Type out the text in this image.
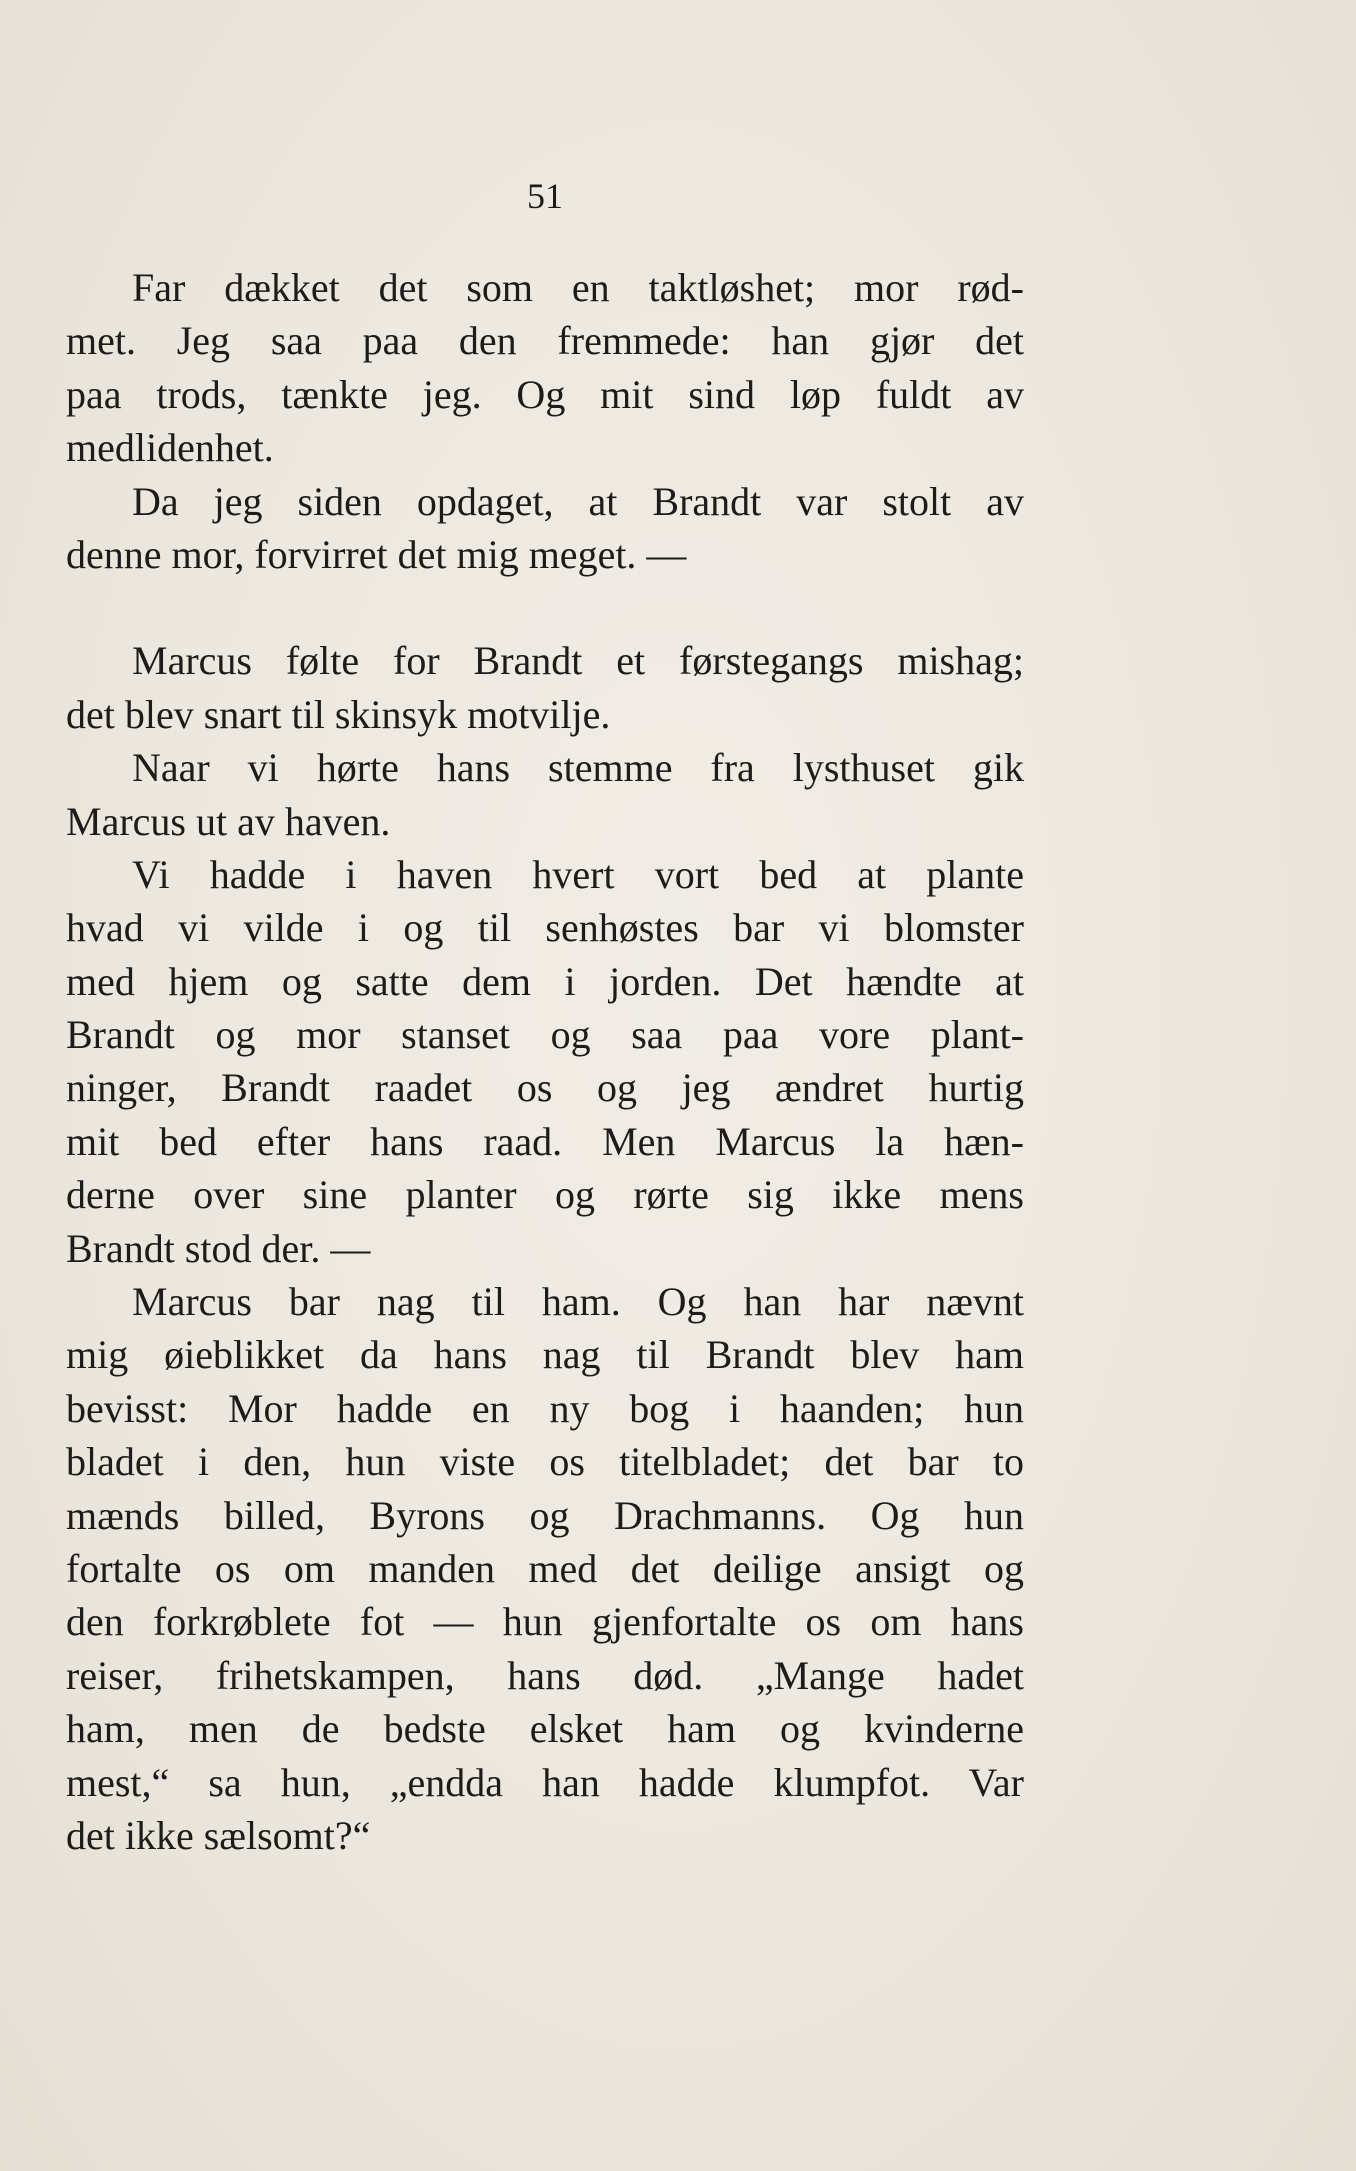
51
Far dækket det som en taktløshet; mor rød-
met. Jeg saa paa den fremmede: han gjør det
paa trods, tænkte jeg. Og mit sind løp fuldt av
medlidenhet.
Da jeg siden opdaget, at Brandt var stolt av
denne mor, forvirret det mig meget. —
Marcus følte for Brandt et førstegangs mishag;
det blev snart til skinsyk motvilje.
Naar vi hørte hans stemme fra lysthuset gik
Marcus ut av haven.
Vi hadde i haven hvert vort bed at plante
hvad vi vilde i og til senhøstes bar vi blomster
med hjem og satte dem i jorden. Det hændte at
Brandt og mor stanset og saa paa vore plant-
ninger, Brandt raadet os og jeg ændret hurtig
mit bed efter hans raad. Men Marcus la hæn-
derne over sine planter og rørte sig ikke mens
Brandt stod der. —
Marcus bar nag til ham. Og han har nævnt
mig øieblikket da hans nag til Brandt blev ham
bevisst: Mor hadde en ny bog i haanden; hun
bladet i den, hun viste os titelbladet; det bar to
mænds billed, Byrons og Drachmanns. Og hun
fortalte os om manden med det deilige ansigt og
den forkrøblete fot — hun gjenfortalte os om hans
reiser, frihetskampen, hans død. „Mange hadet
ham, men de bedste elsket ham og kvinderne
mest,“ sa hun, „endda han hadde klumpfot. Var
det ikke sælsomt?“
